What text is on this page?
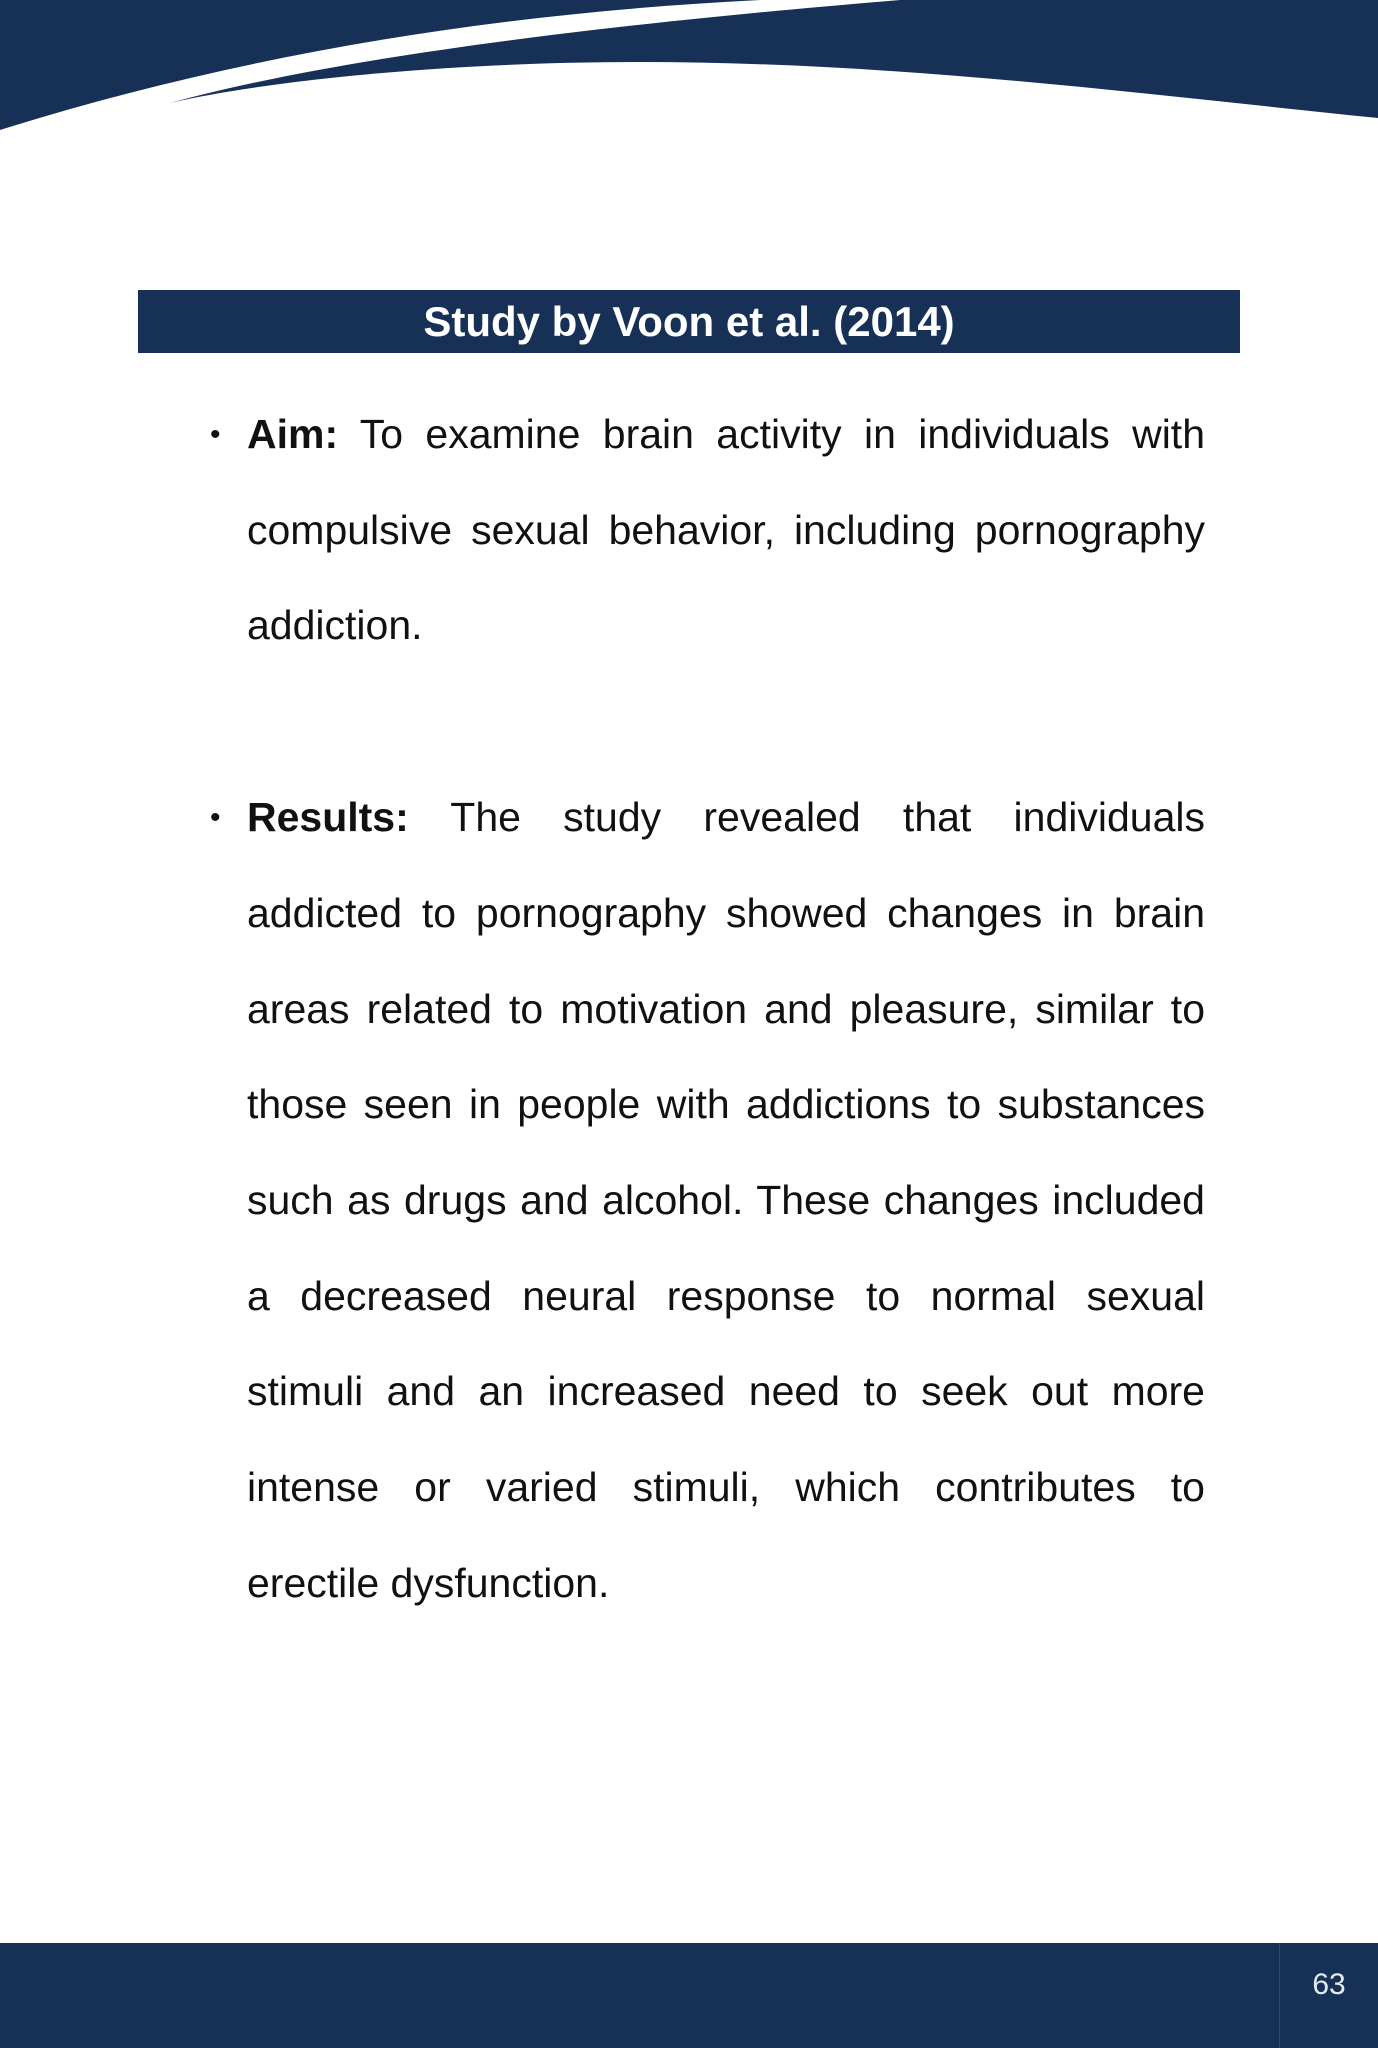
Study by Voon et al. (2014)
• Aim: To examine brain activity in individuals with compulsive sexual behavior, including pornography addiction.
• Results: The study revealed that individuals addicted to pornography showed changes in brain areas related to motivation and pleasure, similar to those seen in people with addictions to substances such as drugs and alcohol. These changes included a decreased neural response to normal sexual stimuli and an increased need to seek out more intense or varied stimuli, which contributes to erectile dysfunction.
63
